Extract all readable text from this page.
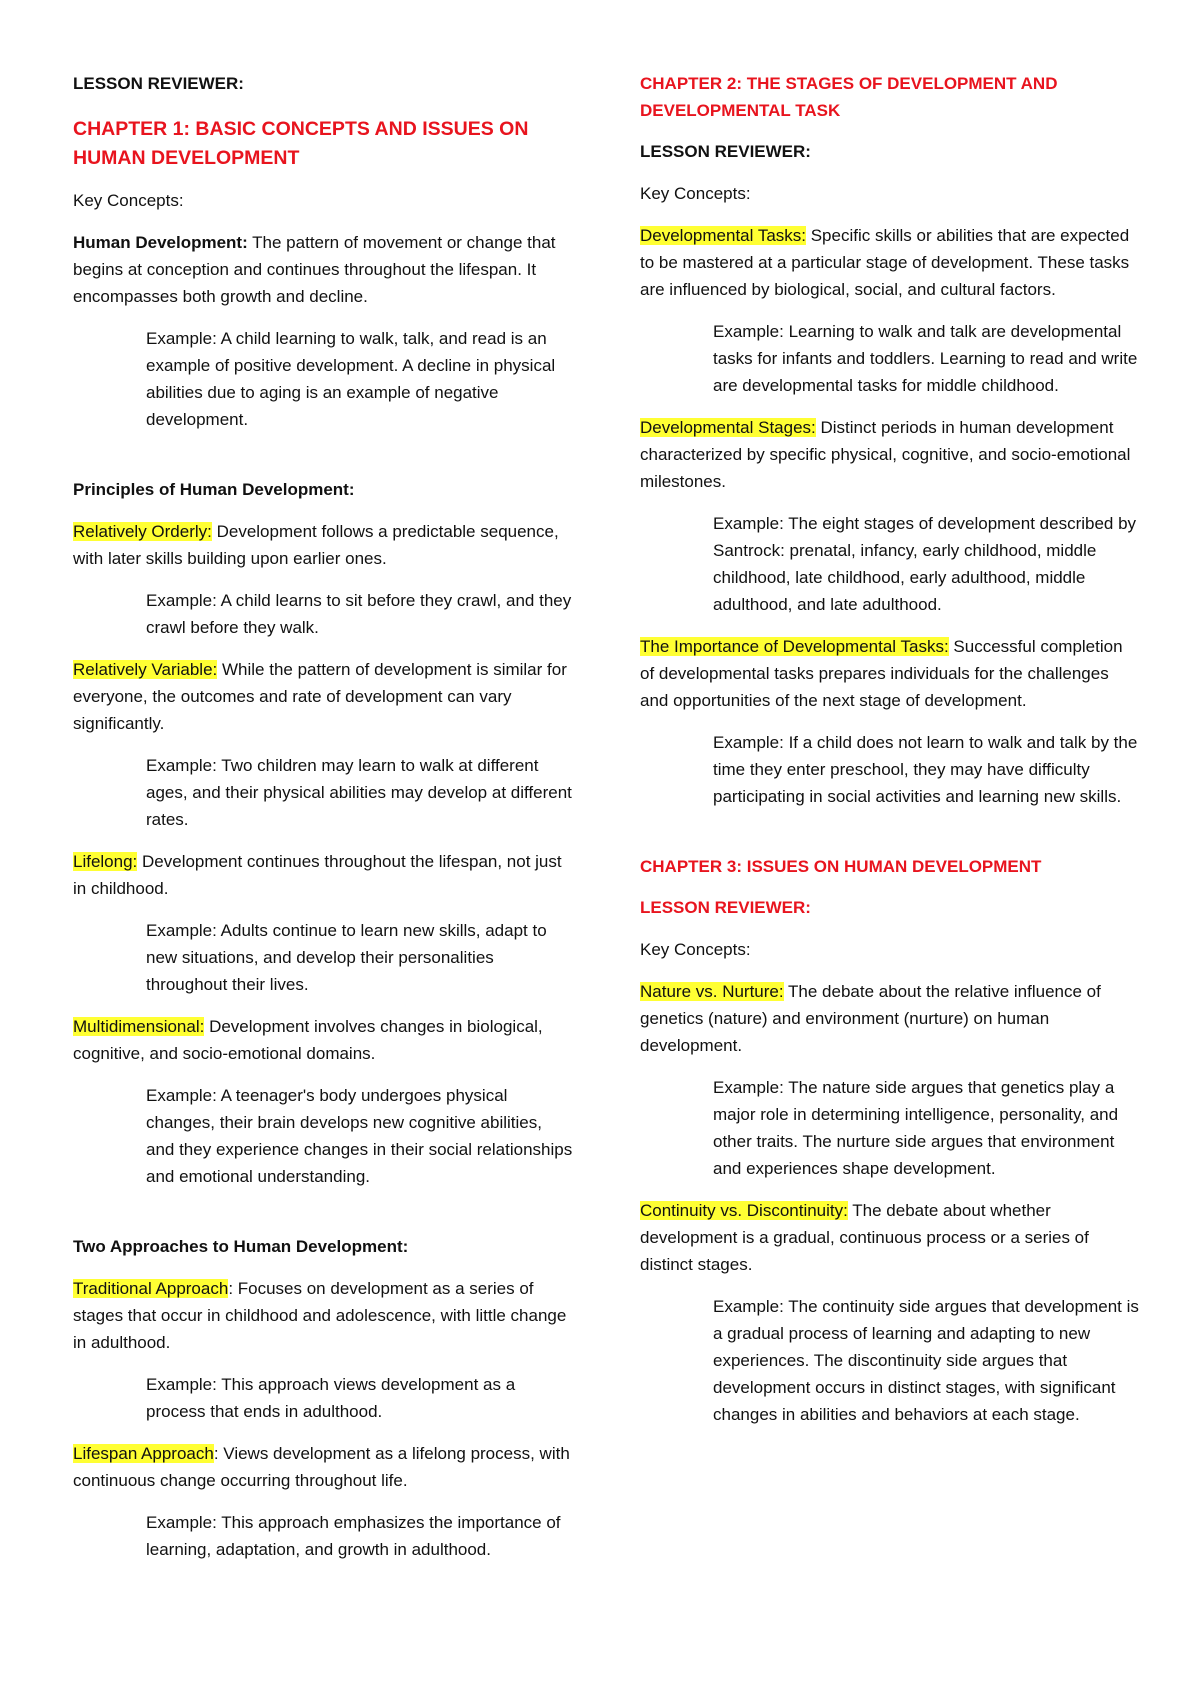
LESSON REVIEWER:

CHAPTER 1: BASIC CONCEPTS AND ISSUES ON HUMAN DEVELOPMENT

Key Concepts:

Human Development: The pattern of movement or change that begins at conception and continues throughout the lifespan. It encompasses both growth and decline.

Example: A child learning to walk, talk, and read is an example of positive development. A decline in physical abilities due to aging is an example of negative development.

Principles of Human Development:

Relatively Orderly: Development follows a predictable sequence, with later skills building upon earlier ones.

Example: A child learns to sit before they crawl, and they crawl before they walk.

Relatively Variable: While the pattern of development is similar for everyone, the outcomes and rate of development can vary significantly.

Example: Two children may learn to walk at different ages, and their physical abilities may develop at different rates.

Lifelong: Development continues throughout the lifespan, not just in childhood.

Example: Adults continue to learn new skills, adapt to new situations, and develop their personalities throughout their lives.

Multidimensional: Development involves changes in biological, cognitive, and socio-emotional domains.

Example: A teenager's body undergoes physical changes, their brain develops new cognitive abilities, and they experience changes in their social relationships and emotional understanding.

Two Approaches to Human Development:

Traditional Approach: Focuses on development as a series of stages that occur in childhood and adolescence, with little change in adulthood.

Example: This approach views development as a process that ends in adulthood.

Lifespan Approach: Views development as a lifelong process, with continuous change occurring throughout life.

Example: This approach emphasizes the importance of learning, adaptation, and growth in adulthood.

CHAPTER 2: THE STAGES OF DEVELOPMENT AND DEVELOPMENTAL TASK

LESSON REVIEWER:

Key Concepts:

Developmental Tasks: Specific skills or abilities that are expected to be mastered at a particular stage of development. These tasks are influenced by biological, social, and cultural factors.

Example: Learning to walk and talk are developmental tasks for infants and toddlers. Learning to read and write are developmental tasks for middle childhood.

Developmental Stages: Distinct periods in human development characterized by specific physical, cognitive, and socio-emotional milestones.

Example: The eight stages of development described by Santrock: prenatal, infancy, early childhood, middle childhood, late childhood, early adulthood, middle adulthood, and late adulthood.

The Importance of Developmental Tasks: Successful completion of developmental tasks prepares individuals for the challenges and opportunities of the next stage of development.

Example: If a child does not learn to walk and talk by the time they enter preschool, they may have difficulty participating in social activities and learning new skills.

CHAPTER 3: ISSUES ON HUMAN DEVELOPMENT

LESSON REVIEWER:

Key Concepts:

Nature vs. Nurture: The debate about the relative influence of genetics (nature) and environment (nurture) on human development.

Example: The nature side argues that genetics play a major role in determining intelligence, personality, and other traits. The nurture side argues that environment and experiences shape development.

Continuity vs. Discontinuity: The debate about whether development is a gradual, continuous process or a series of distinct stages.

Example: The continuity side argues that development is a gradual process of learning and adapting to new experiences. The discontinuity side argues that development occurs in distinct stages, with significant changes in abilities and behaviors at each stage.
